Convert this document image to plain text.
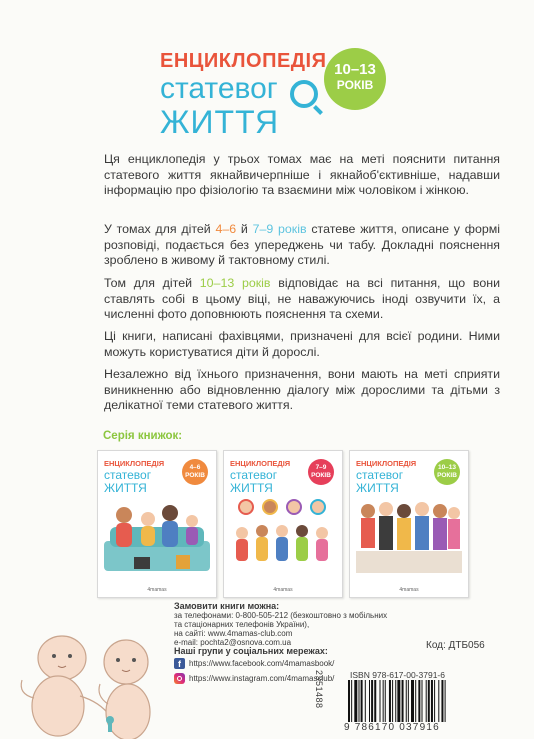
ЕНЦИКЛОПЕДІЯ
статевог
ЖИТТЯ
10–13
РОКІВ
Ця енциклопедія у трьох томах має на меті пояснити питання статевого життя якнайвичерпніше і якнайоб'єктивніше, надавши інформацію про фізіологію та взаємини між чоловіком і жінкою.
У томах для дітей 4–6 й 7–9 років статеве життя, описане у формі розповіді, подається без упереджень чи табу. Докладні пояснення зроблено в живому й тактовному стилі.
Том для дітей 10–13 років відповідає на всі питання, що вони ставлять собі в цьому віці, не наважуючись іноді озвучити їх, а численні фото доповнюють пояснення та схеми.
Ці книги, написані фахівцями, призначені для всієї родини. Ними можуть користуватися діти й дорослі.
Незалежно від їхнього призначення, вони мають на меті сприяти виникненню або відновленню діалогу між дорослими та дітьми з делікатної теми статевого життя.
Серія книжок:
ЕНЦИКЛОПЕДІЯ
статевог
ЖИТТЯ
4–6
РОКІВ
4mamas
ЕНЦИКЛОПЕДІЯ
статевог
ЖИТТЯ
7–9
РОКІВ
4mamas
ЕНЦИКЛОПЕДІЯ
статевог
ЖИТТЯ
10–13
РОКІВ
4mamas
Замовити книги можна:
за телефонами: 0-800-505-212 (безкоштовно з мобільних
та стаціонарних телефонів України),
на сайті: www.4mamas-club.com
e-mail: pochta2@osnova.com.ua	Код: ДТБ056
Наші групи у соціальних мережах:
f	https://www.facebook.com/4mamasbook/
https://www.instagram.com/4mamasclub/ ISBN 978-617-00-3791-6
2351488
9 786170 037916
